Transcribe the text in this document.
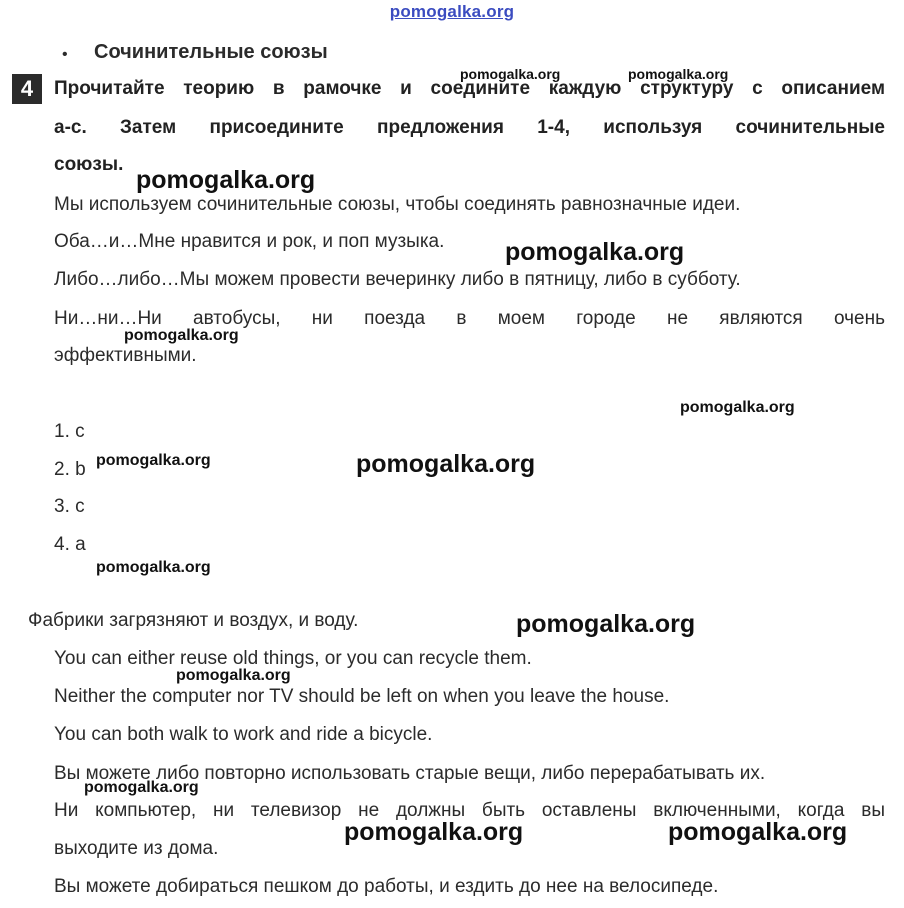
pomogalka.org
• Сочинительные союзы
4	Прочитайте теорию в рамочке и соедините каждую структуру с описанием
a-c. Затем присоедините предложения 1-4, используя сочинительные
союзы.
Мы используем сочинительные союзы, чтобы соединять равнозначные идеи.
Оба…и…Мне нравится и рок, и поп музыка.
Либо…либо…Мы можем провести вечеринку либо в пятницу, либо в субботу.
Ни…ни…Ни автобусы, ни поезда в моем городе не являются очень
эффективными.
1. c
2. b
3. c
4. a
Фабрики загрязняют и воздух, и воду.
You can either reuse old things, or you can recycle them.
Neither the computer nor TV should be left on when you leave the house.
You can both walk to work and ride a bicycle.
Вы можете либо повторно использовать старые вещи, либо перерабатывать их.
Ни компьютер, ни телевизор не должны быть оставлены включенными, когда вы
выходите из дома.
Вы можете добираться пешком до работы, и ездить до нее на велосипеде.
pomogalka.org	pomogalka.org
pomogalka.org
pomogalka.org
pomogalka.org
pomogalka.org
pomogalka.org	pomogalka.org
pomogalka.org
pomogalka.org
pomogalka.org
pomogalka.org
pomogalka.org	pomogalka.org
